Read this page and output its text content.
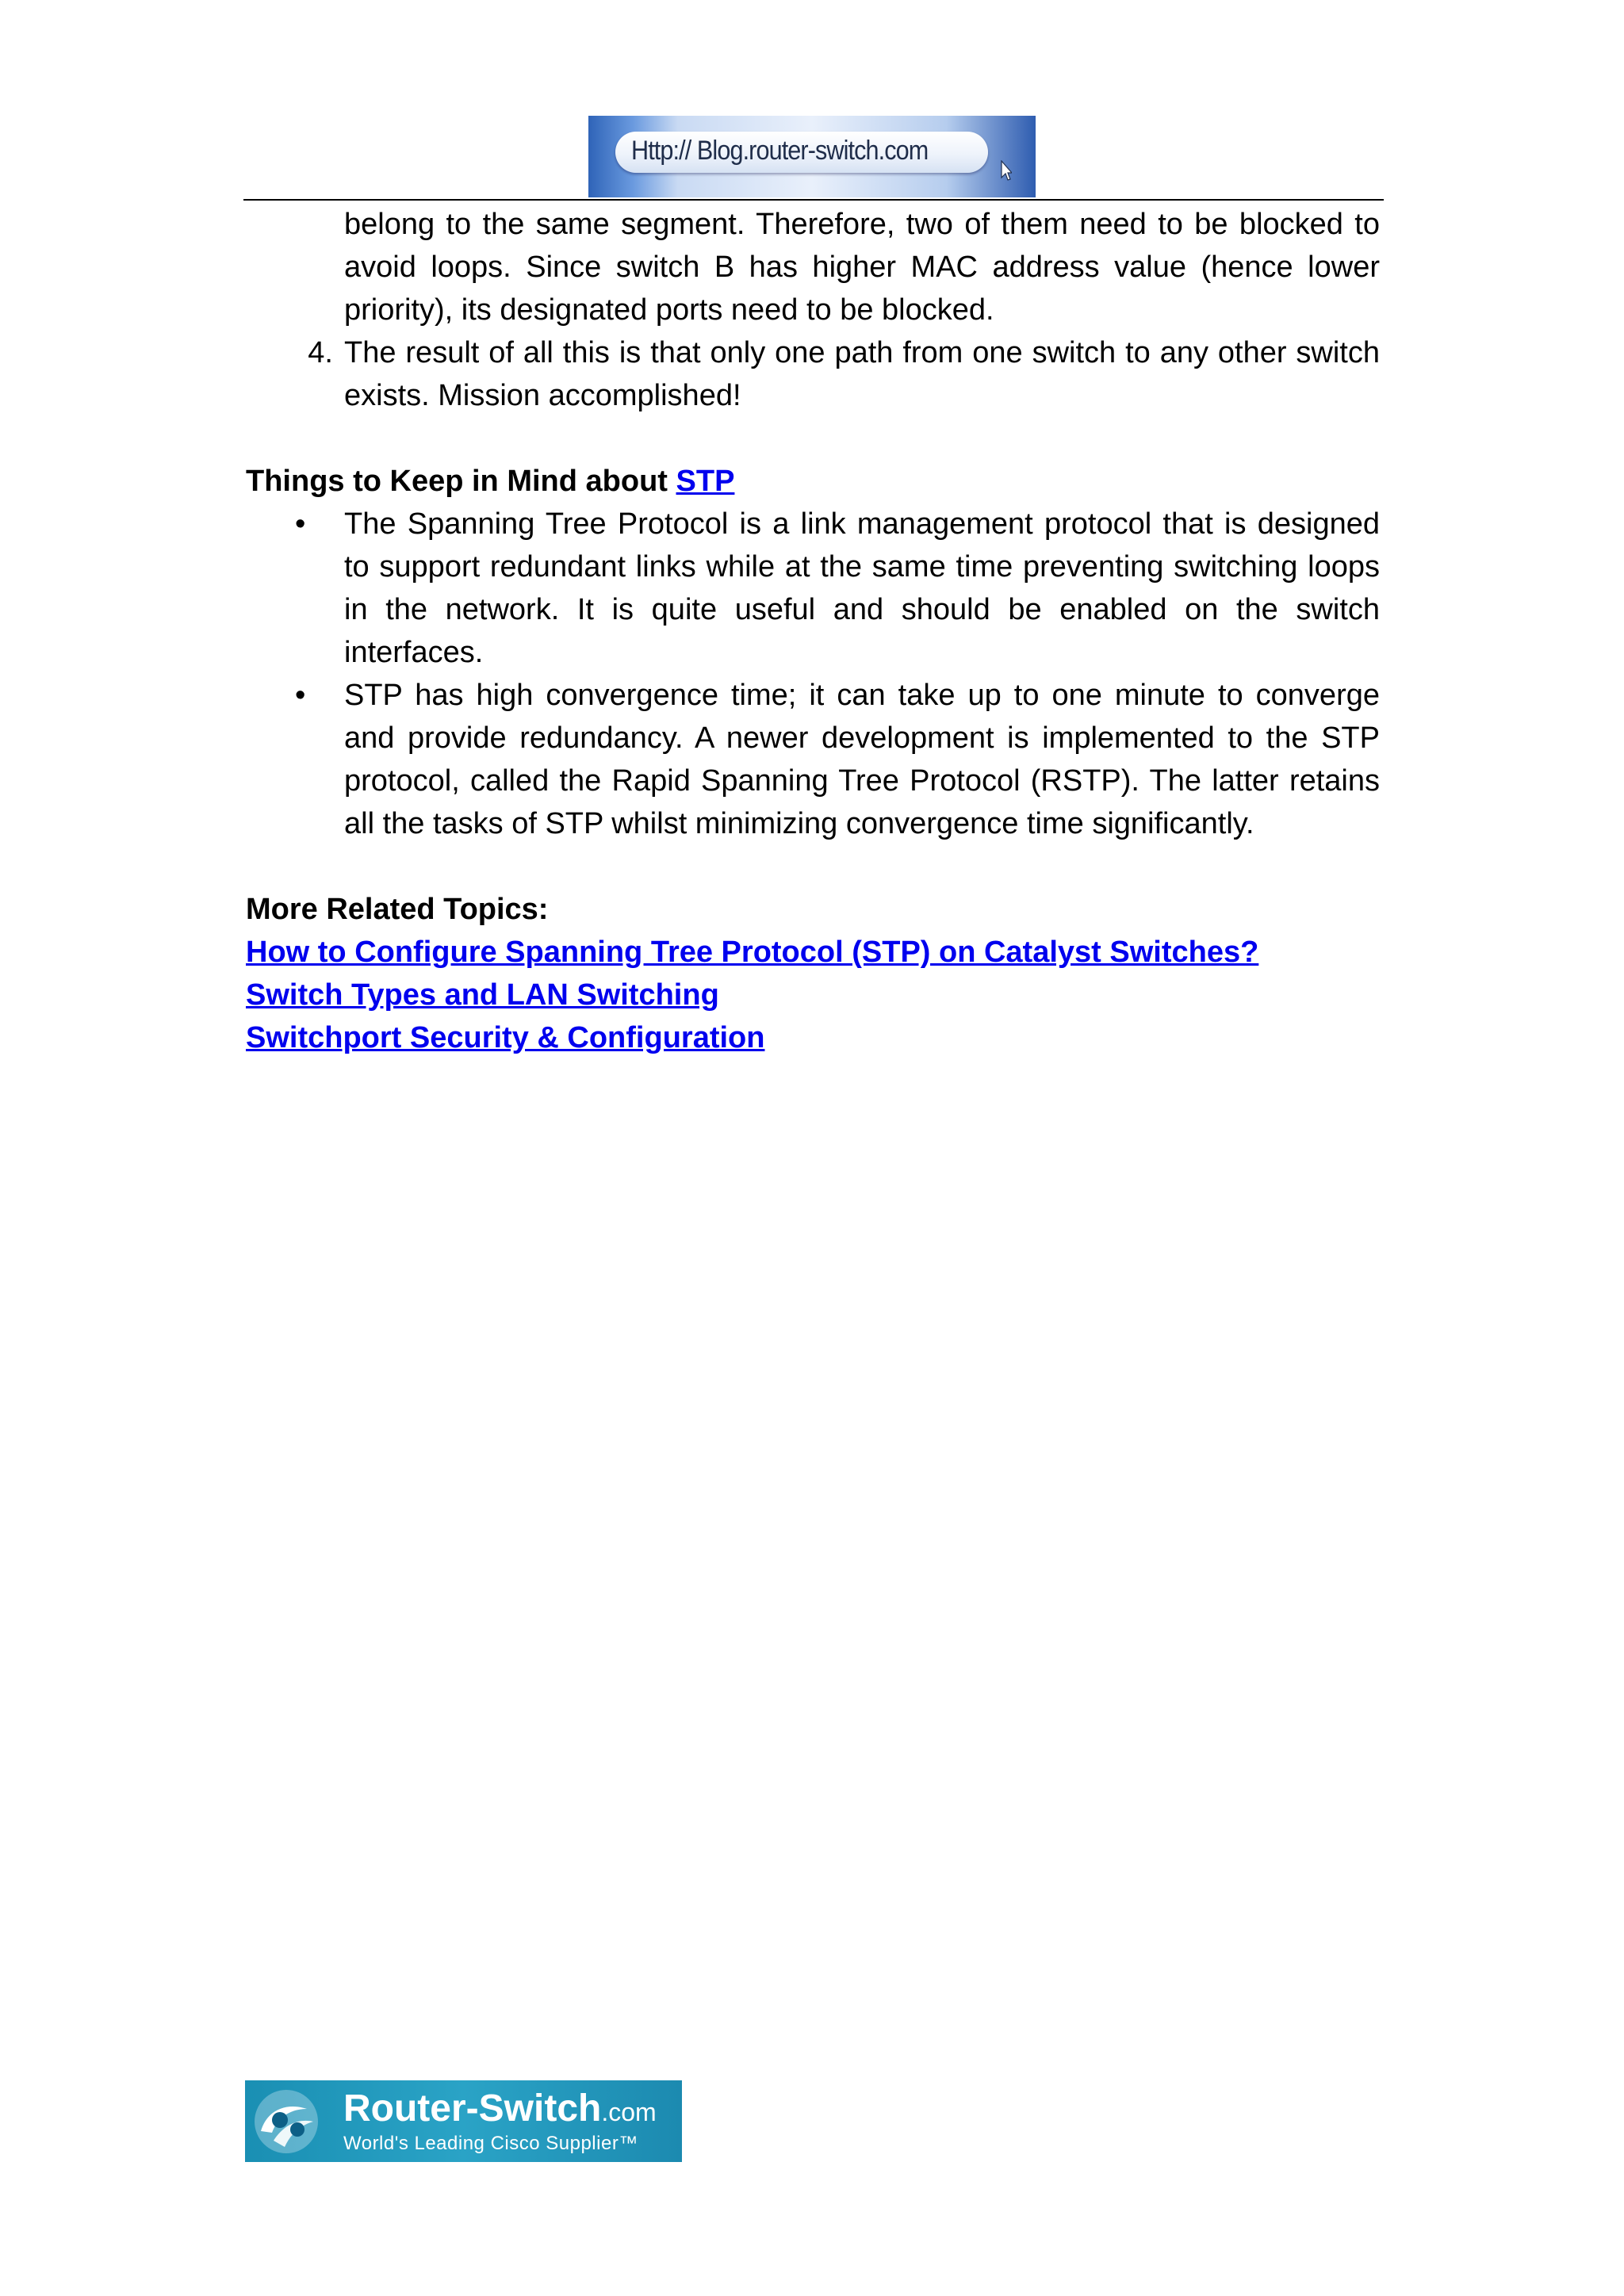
Http:// Blog.router-switch.com

belong to the same segment. Therefore, two of them need to be blocked to avoid loops. Since switch B has higher MAC address value (hence lower priority), its designated ports need to be blocked.

4. The result of all this is that only one path from one switch to any other switch exists. Mission accomplished!

Things to Keep in Mind about STP

•	The Spanning Tree Protocol is a link management protocol that is designed to support redundant links while at the same time preventing switching loops in the network. It is quite useful and should be enabled on the switch interfaces.
•	STP has high convergence time; it can take up to one minute to converge and provide redundancy. A newer development is implemented to the STP protocol, called the Rapid Spanning Tree Protocol (RSTP). The latter retains all the tasks of STP whilst minimizing convergence time significantly.

More Related Topics:

How to Configure Spanning Tree Protocol (STP) on Catalyst Switches?

Switch Types and LAN Switching

Switchport Security & Configuration

Router-Switch.com
World's Leading Cisco Supplier™
